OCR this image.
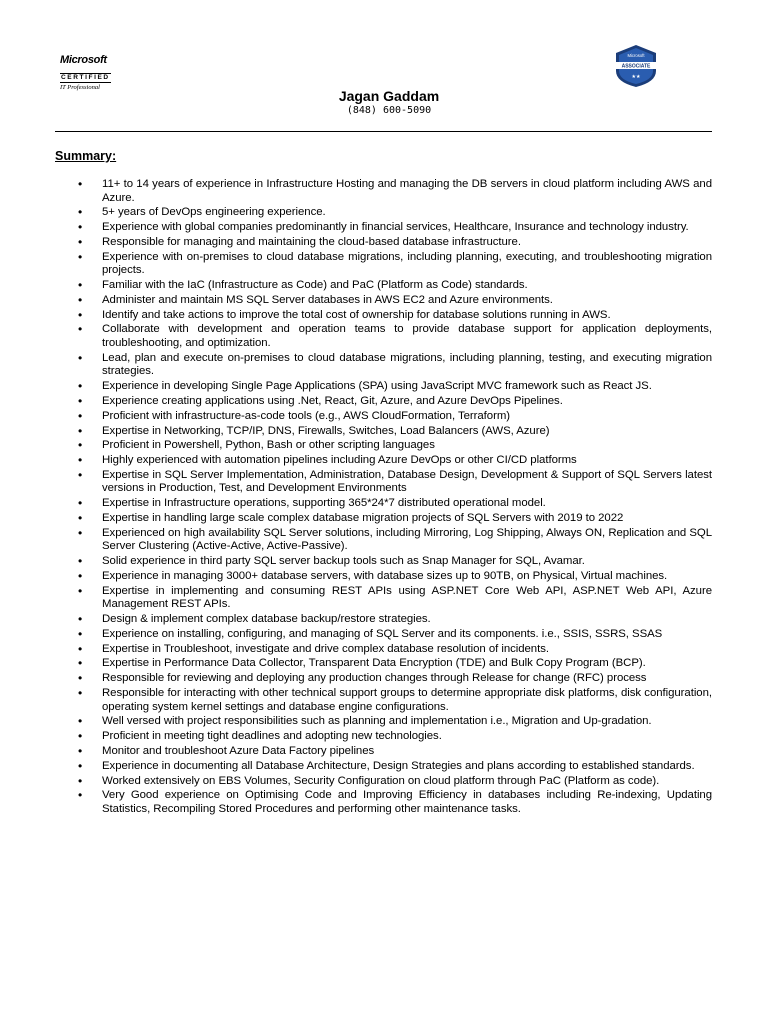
Microsoft
CERTIFIED
IT Professional
Microsoft
ASSOCIATE
★★
Jagan Gaddam
(848) 600-5090
Summary:
• 11+ to 14 years of experience in Infrastructure Hosting and managing the DB servers in cloud platform including AWS and Azure.
• 5+ years of DevOps engineering experience.
• Experience with global companies predominantly in financial services, Healthcare, Insurance and technology industry.
• Responsible for managing and maintaining the cloud-based database infrastructure.
• Experience with on-premises to cloud database migrations, including planning, executing, and troubleshooting migration projects.
• Familiar with the IaC (Infrastructure as Code) and PaC (Platform as Code) standards.
• Administer and maintain MS SQL Server databases in AWS EC2 and Azure environments.
• Identify and take actions to improve the total cost of ownership for database solutions running in AWS.
• Collaborate with development and operation teams to provide database support for application deployments, troubleshooting, and optimization.
• Lead, plan and execute on-premises to cloud database migrations, including planning, testing, and executing migration strategies.
• Experience in developing Single Page Applications (SPA) using JavaScript MVC framework such as React JS.
• Experience creating applications using .Net, React, Git, Azure, and Azure DevOps Pipelines.
• Proficient with infrastructure-as-code tools (e.g., AWS CloudFormation, Terraform)
• Expertise in Networking, TCP/IP, DNS, Firewalls, Switches, Load Balancers (AWS, Azure)
• Proficient in Powershell, Python, Bash or other scripting languages
• Highly experienced with automation pipelines including Azure DevOps or other CI/CD platforms
• Expertise in SQL Server Implementation, Administration, Database Design, Development & Support of SQL Servers latest versions in Production, Test, and Development Environments
• Expertise in Infrastructure operations, supporting 365*24*7 distributed operational model.
• Expertise in handling large scale complex database migration projects of SQL Servers with 2019 to 2022
• Experienced on high availability SQL Server solutions, including Mirroring, Log Shipping, Always ON, Replication and SQL Server Clustering (Active-Active, Active-Passive).
• Solid experience in third party SQL server backup tools such as Snap Manager for SQL, Avamar.
• Experience in managing 3000+ database servers, with database sizes up to 90TB, on Physical, Virtual machines.
• Expertise in implementing and consuming REST APIs using ASP.NET Core Web API, ASP.NET Web API, Azure Management REST APIs.
• Design & implement complex database backup/restore strategies.
• Experience on installing, configuring, and managing of SQL Server and its components. i.e., SSIS, SSRS, SSAS
• Expertise in Troubleshoot, investigate and drive complex database resolution of incidents.
• Expertise in Performance Data Collector, Transparent Data Encryption (TDE) and Bulk Copy Program (BCP).
• Responsible for reviewing and deploying any production changes through Release for change (RFC) process
• Responsible for interacting with other technical support groups to determine appropriate disk platforms, disk configuration, operating system kernel settings and database engine configurations.
• Well versed with project responsibilities such as planning and implementation i.e., Migration and Up-gradation.
• Proficient in meeting tight deadlines and adopting new technologies.
• Monitor and troubleshoot Azure Data Factory pipelines
• Experience in documenting all Database Architecture, Design Strategies and plans according to established standards.
• Worked extensively on EBS Volumes, Security Configuration on cloud platform through PaC (Platform as code).
• Very Good experience on Optimising Code and Improving Efficiency in databases including Re-indexing, Updating Statistics, Recompiling Stored Procedures and performing other maintenance tasks.
